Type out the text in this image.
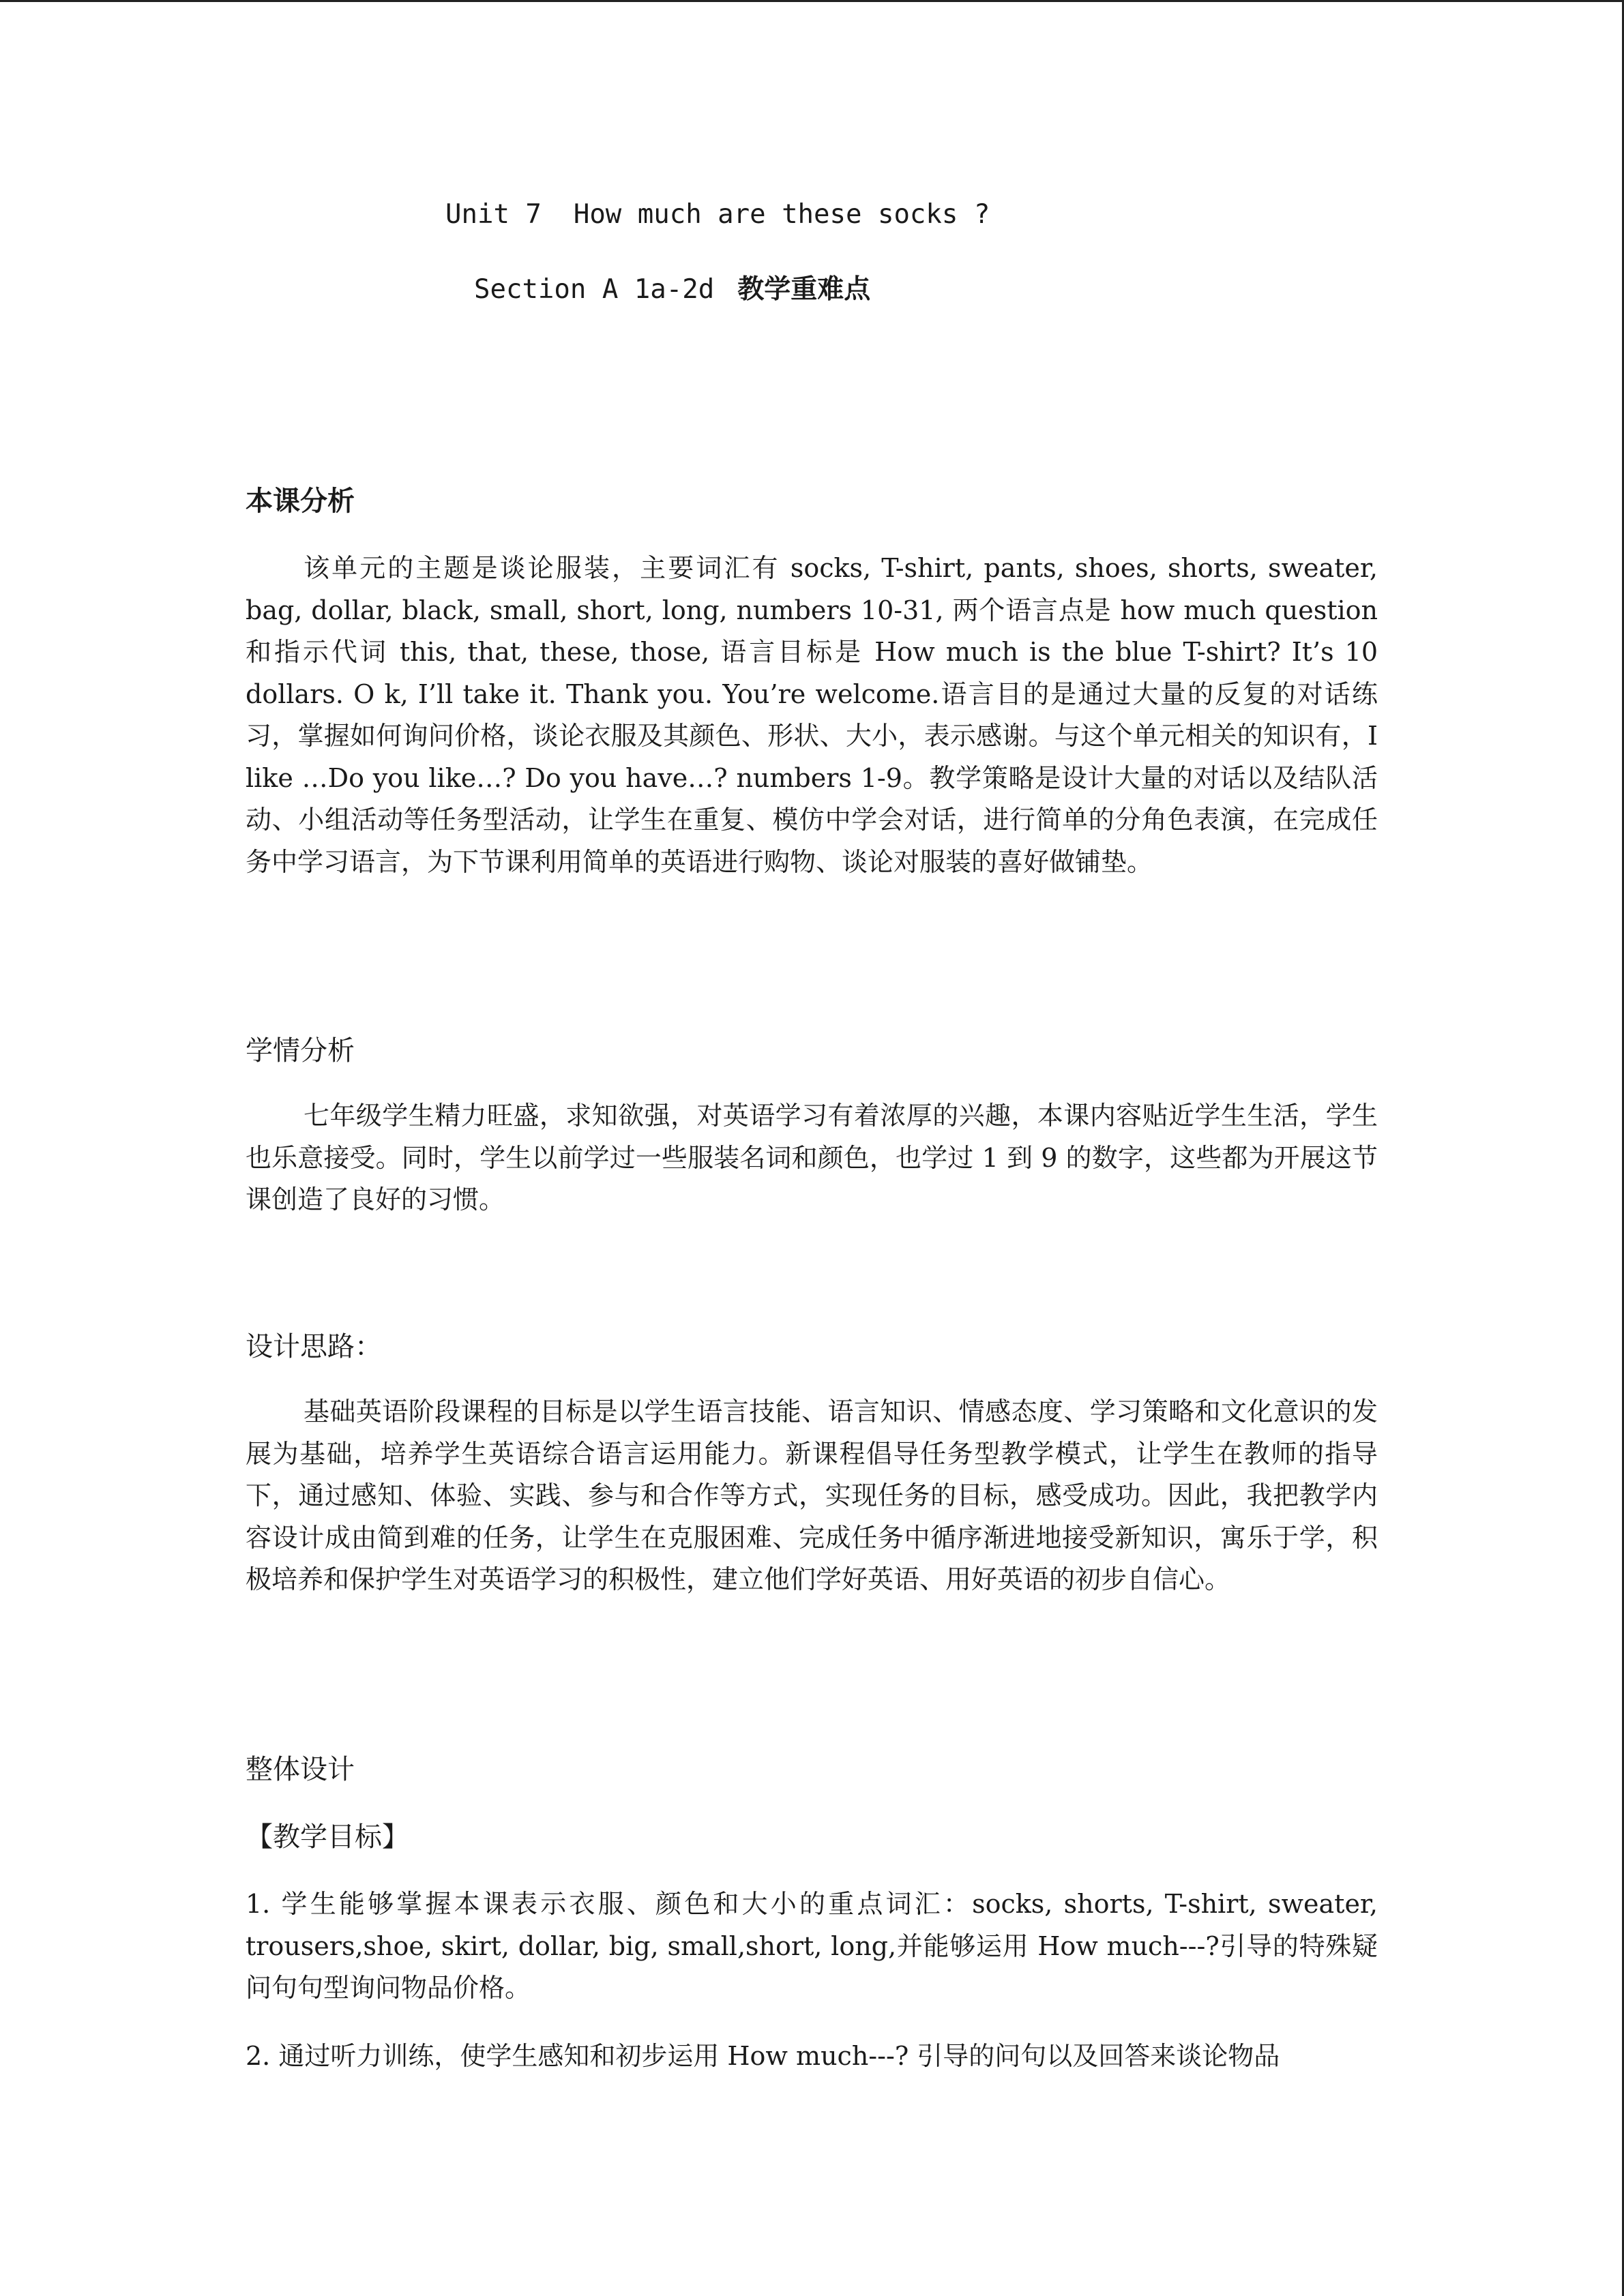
Unit 7  How much are these socks ?
Section A 1a-2d 教学重难点
本课分析
该单元的主题是谈论服装，主要词汇有 socks, T-shirt, pants, shoes, shorts, sweater, bag, dollar, black, small, short, long, numbers 10-31, 两个语言点是 how much question 和指示代词 this, that, these, those, 语言目标是 How much is the blue T-shirt? It’s 10 dollars. O k, I’ll take it. Thank you. You’re welcome.语言目的是通过大量的反复的对话练习，掌握如何询问价格，谈论衣服及其颜色、形状、大小，表示感谢。与这个单元相关的知识有，I like …Do you like…? Do you have…? numbers 1-9。教学策略是设计大量的对话以及结队活动、小组活动等任务型活动，让学生在重复、模仿中学会对话，进行简单的分角色表演，在完成任务中学习语言，为下节课利用简单的英语进行购物、谈论对服装的喜好做铺垫。
学情分析
七年级学生精力旺盛，求知欲强，对英语学习有着浓厚的兴趣，本课内容贴近学生生活，学生也乐意接受。同时，学生以前学过一些服装名词和颜色，也学过 1 到 9 的数字，这些都为开展这节课创造了良好的习惯。
设计思路：
基础英语阶段课程的目标是以学生语言技能、语言知识、情感态度、学习策略和文化意识的发展为基础，培养学生英语综合语言运用能力。新课程倡导任务型教学模式，让学生在教师的指导下，通过感知、体验、实践、参与和合作等方式，实现任务的目标，感受成功。因此，我把教学内容设计成由简到难的任务，让学生在克服困难、完成任务中循序渐进地接受新知识，寓乐于学，积极培养和保护学生对英语学习的积极性，建立他们学好英语、用好英语的初步自信心。
整体设计
【教学目标】
1. 学生能够掌握本课表示衣服、颜色和大小的重点词汇：socks, shorts, T-shirt, sweater, trousers,shoe, skirt, dollar, big, small,short, long,并能够运用 How much---?引导的特殊疑问句句型询问物品价格。
2. 通过听力训练，使学生感知和初步运用 How much---? 引导的问句以及回答来谈论物品
